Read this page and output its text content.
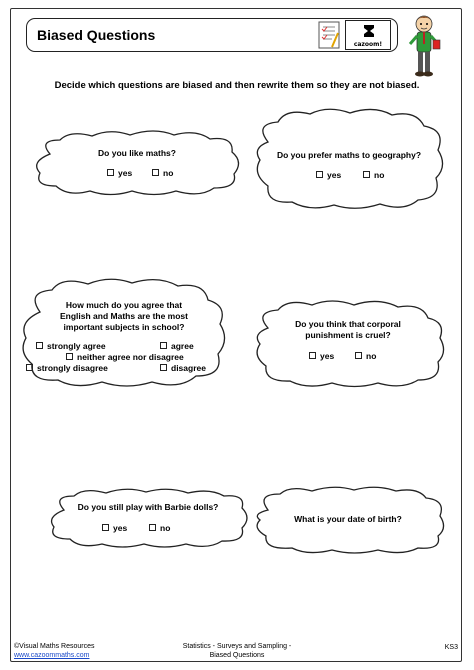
Biased Questions
cazoom!
Decide which questions are biased and then rewrite them so they are not biased.
Do you like maths?
yes	no
Do you prefer maths to geography?
yes	no
How much do you agree that
English and Maths are the most
important subjects in school?
strongly agree	agree
neither agree nor disagree
strongly disagree	disagree
Do you think that corporal
punishment is cruel?
yes	no
Do you still play with Barbie dolls?
yes	no
What is your date of birth?
©Visual Maths Resources
www.cazoommaths.com
Statistics - Surveys and Sampling -
Biased Questions
KS3
